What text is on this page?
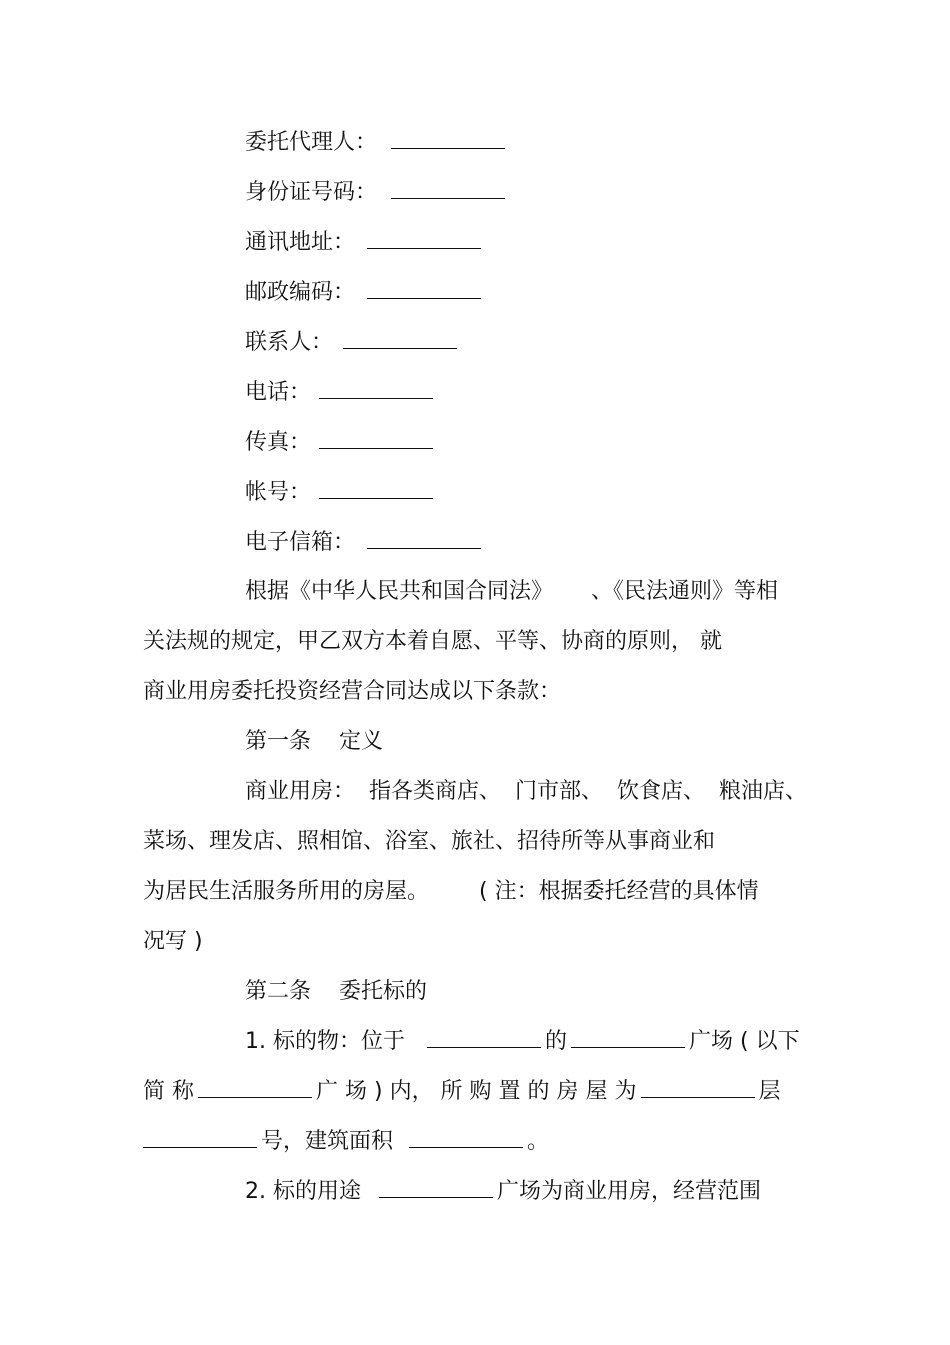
委托代理人：
身份证号码：
通讯地址：
邮政编码：
联系人：
电话：
传真：
帐号：
电子信箱：
根据《中华人民共和国合同法》 、《民法通则》等相
关法规的规定，甲乙双方本着自愿、平等、协商的原则， 就
商业用房委托投资经营合同达成以下条款：
第一条    定义
商业用房：  指各类商店、  门市部、  饮食店、  粮油店、
菜场、理发店、照相馆、浴室、旅社、招待所等从事商业和
为居民生活服务所用的房屋。 ( 注：根据委托经营的具体情
况写 )
第二条    委托标的
1. 标的物：位于	的	广场 ( 以下
简 称	广 场 ) 内， 所 购 置 的 房 屋 为	层
号，建筑面积	。
2. 标的用途	广场为商业用房，经营范围
